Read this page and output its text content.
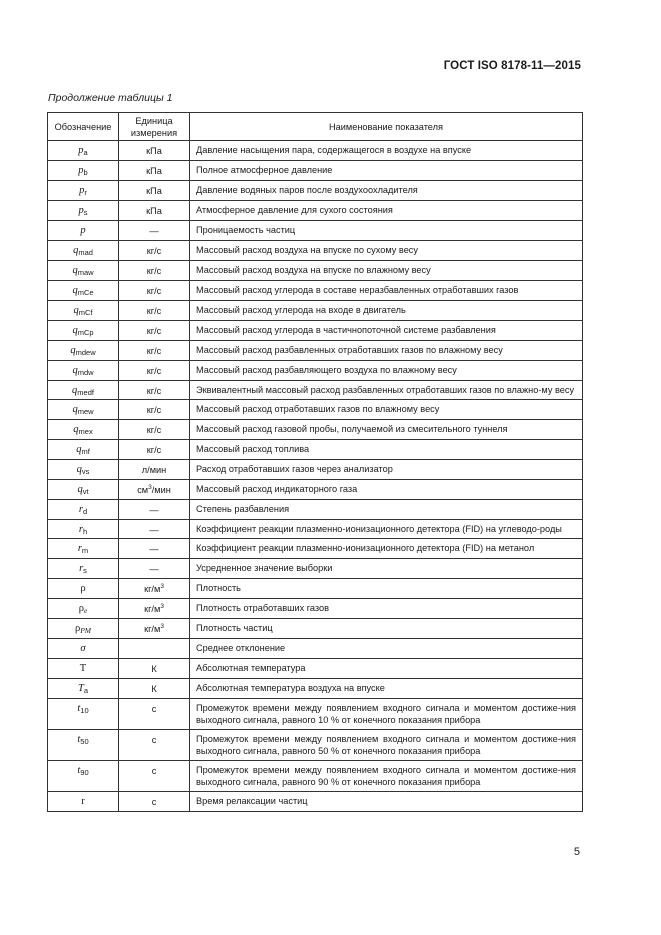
ГОСТ ISO 8178-11—2015
Продолжение таблицы 1
Обозначение	Единица измерения	Наименование показателя
$p_a$	кПа	Давление насыщения пара, содержащегося в воздухе на впуске
$p_b$	кПа	Полное атмосферное давление
$p_r$	кПа	Давление водяных паров после воздухоохладителя
$p_s$	кПа	Атмосферное давление для сухого состояния
p	—	Проницаемость частиц
$q_{mad}$	кг/с	Массовый расход воздуха на впуске по сухому весу
$q_{maw}$	кг/с	Массовый расход воздуха на впуске по влажному весу
$q_{mCe}$	кг/с	Массовый расход углерода в составе неразбавленных отработавших газов
$q_{mCf}$	кг/с	Массовый расход углерода на входе в двигатель
$q_{mCp}$	кг/с	Массовый расход углерода в частичнопоточной системе разбавления
$q_{mdew}$	кг/с	Массовый расход разбавленных отработавших газов по влажному весу
$q_{mdw}$	кг/с	Массовый расход разбавляющего воздуха по влажному весу
$q_{medf}$	кг/с	Эквивалентный массовый расход разбавленных отработавших газов по влажно-му весу
$q_{mew}$	кг/с	Массовый расход отработавших газов по влажному весу
$q_{mex}$	кг/с	Массовый расход газовой пробы, получаемой из смесительного туннеля
$q_{mf}$	кг/с	Массовый расход топлива
$q_{vs}$	л/мин	Расход отработавших газов через анализатор
$q_{vt}$	$см^3$/мин	Массовый расход индикаторного газа
$r_d$	—	Степень разбавления
$r_h$	—	Коэффициент реакции плазменно-ионизационного детектора (FID) на углеводо-роды
$r_m$	—	Коэффициент реакции плазменно-ионизационного детектора (FID) на метанол
$r_s$	—	Усредненное значение выборки
ρ	$кг/м^3$	Плотность
$\rho_e$	$кг/м^3$	Плотность отработавших газов
$\rho_{PM}$	$кг/м^3$	Плотность частиц
σ		Среднее отклонение
T	К	Абсолютная температура
$T_a$	К	Абсолютная температура воздуха на впуске
$t_{10}$	с	Промежуток времени между появлением входного сигнала и моментом достиже-ния выходного сигнала, равного 10 % от конечного показания прибора
$t_{50}$	с	Промежуток времени между появлением входного сигнала и моментом достиже-ния выходного сигнала, равного 50 % от конечного показания прибора
$t_{90}$	с	Промежуток времени между появлением входного сигнала и моментом достиже-ния выходного сигнала, равного 90 % от конечного показания прибора
r	с	Время релаксации частиц
5
